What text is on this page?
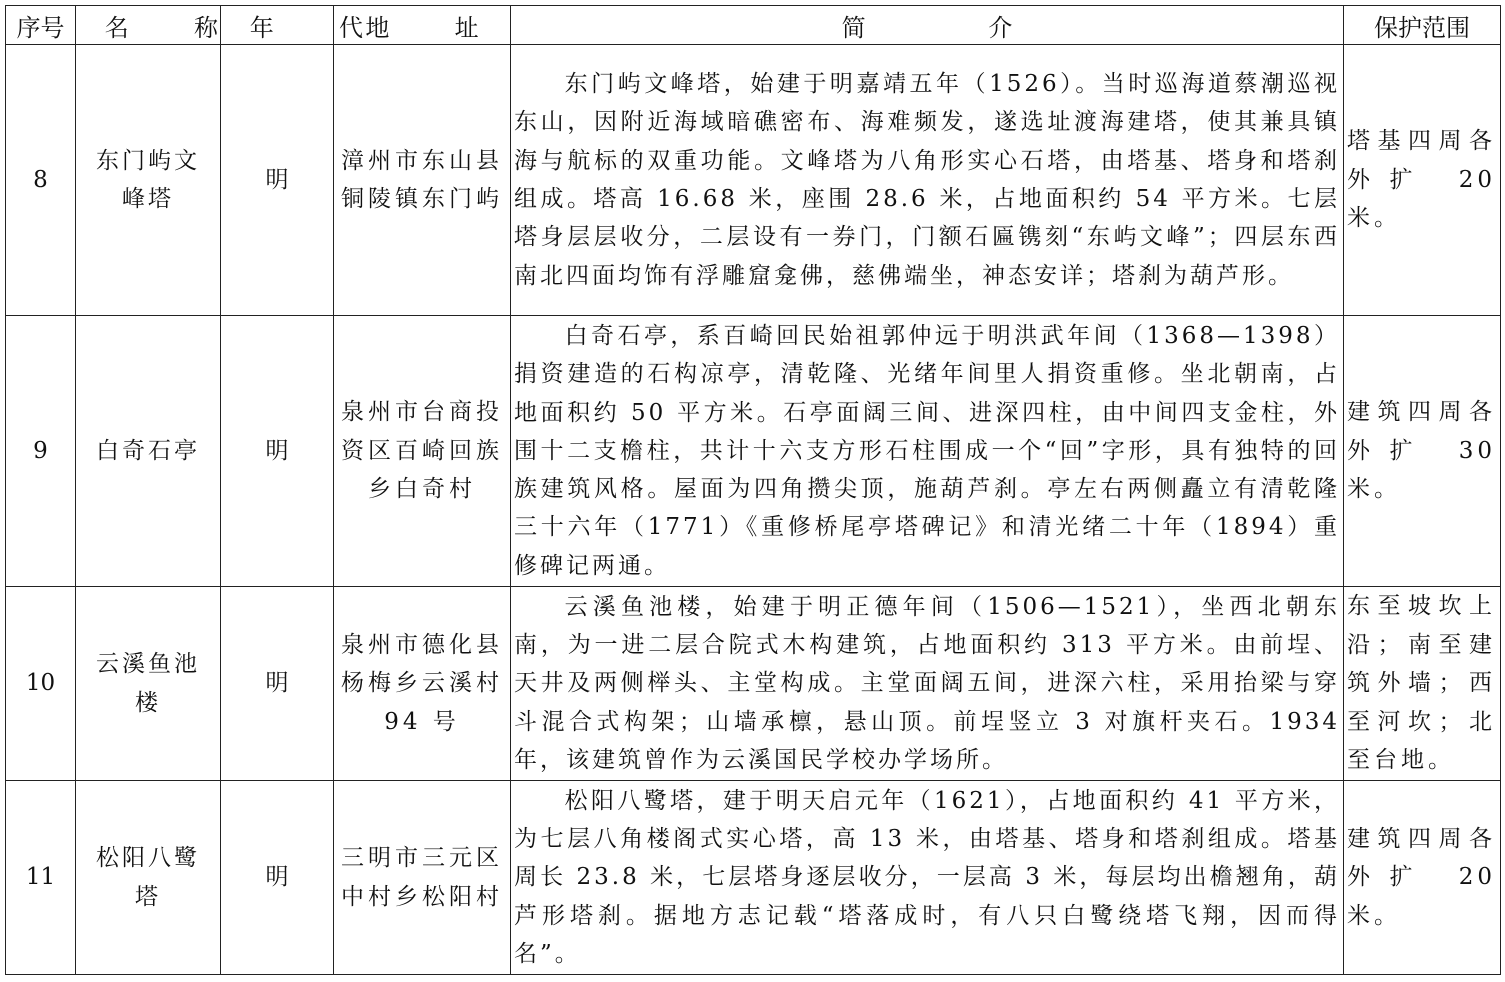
序号	名 称	年 代	地 址	简 介	保护范围
8	东门屿文峰塔	明	漳州市东山县铜陵镇东门屿	东门屿文峰塔，始建于明嘉靖五年（1526）。当时巡海道蔡潮巡视东山，因附近海域暗礁密布、海难频发，遂选址渡海建塔，使其兼具镇海与航标的双重功能。文峰塔为八角形实心石塔，由塔基、塔身和塔刹组成。塔高 16.68 米，座围 28.6 米，占地面积约 54 平方米。七层塔身层层收分，二层设有一券门，门额石匾镌刻“东屿文峰”；四层东西南北四面均饰有浮雕窟龛佛，慈佛端坐，神态安详；塔刹为葫芦形。	塔基四周各外扩 20 米。
9	白奇石亭	明	泉州市台商投资区百崎回族乡白奇村	白奇石亭，系百崎回民始祖郭仲远于明洪武年间（1368—1398）捐资建造的石构凉亭，清乾隆、光绪年间里人捐资重修。坐北朝南，占地面积约 50 平方米。石亭面阔三间、进深四柱，由中间四支金柱，外围十二支檐柱，共计十六支方形石柱围成一个“回”字形，具有独特的回族建筑风格。屋面为四角攒尖顶，施葫芦刹。亭左右两侧矗立有清乾隆三十六年（1771）《重修桥尾亭塔碑记》和清光绪二十年（1894）重修碑记两通。	建筑四周各外扩 30 米。
10	云溪鱼池楼	明	泉州市德化县杨梅乡云溪村 94 号	云溪鱼池楼，始建于明正德年间（1506—1521），坐西北朝东南，为一进二层合院式木构建筑，占地面积约 313 平方米。由前埕、天井及两侧榉头、主堂构成。主堂面阔五间，进深六柱，采用抬梁与穿斗混合式构架；山墙承檩，悬山顶。前埕竖立 3 对旗杆夹石。1934 年，该建筑曾作为云溪国民学校办学场所。	东至坡坎上沿；南至建筑外墙；西至河坎；北至台地。
11	松阳八鹭塔	明	三明市三元区中村乡松阳村	松阳八鹭塔，建于明天启元年（1621），占地面积约 41 平方米，为七层八角楼阁式实心塔，高 13 米，由塔基、塔身和塔刹组成。塔基周长 23.8 米，七层塔身逐层收分，一层高 3 米，每层均出檐翘角，葫芦形塔刹。据地方志记载“塔落成时，有八只白鹭绕塔飞翔，因而得名”。	建筑四周各外扩 20 米。
